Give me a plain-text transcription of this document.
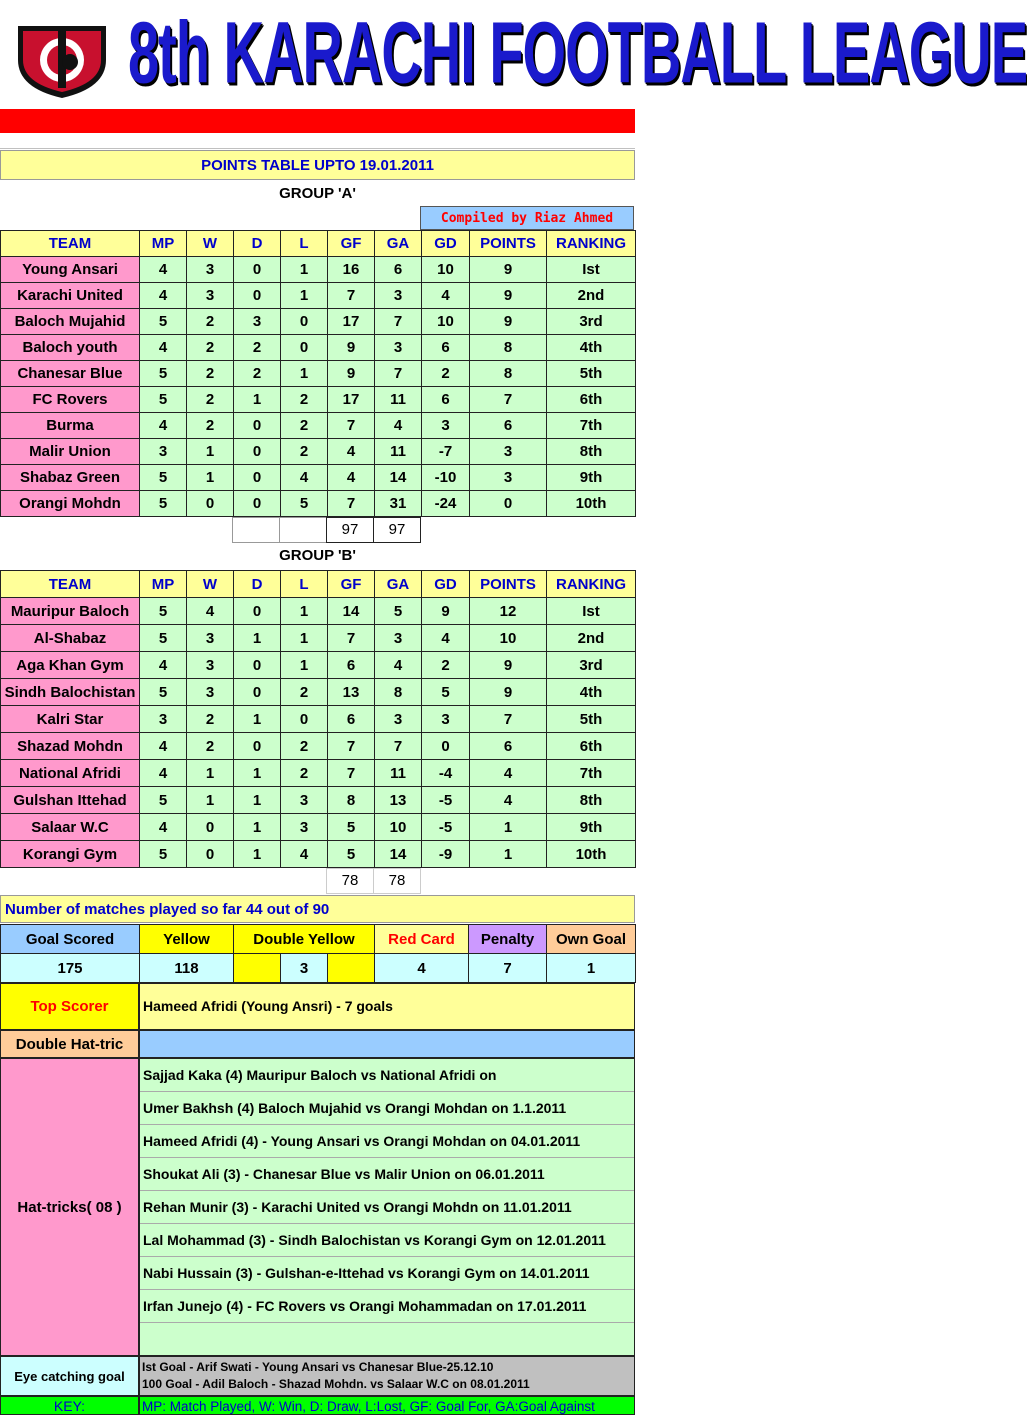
8th KARACHI FOOTBALL LEAGUE
POINTS TABLE UPTO 19.01.2011
GROUP 'A'
Compiled by Riaz Ahmed
TEAM	MP	W	D	L	GF	GA	GD	POINTS	RANKING
Young Ansari	4	3	0	1	16	6	10	9	Ist
Karachi United	4	3	0	1	7	3	4	9	2nd
Baloch Mujahid	5	2	3	0	17	7	10	9	3rd
Baloch youth	4	2	2	0	9	3	6	8	4th
Chanesar Blue	5	2	2	1	9	7	2	8	5th
FC Rovers	5	2	1	2	17	11	6	7	6th
Burma	4	2	0	2	7	4	3	6	7th
Malir Union	3	1	0	2	4	11	-7	3	8th
Shabaz Green	5	1	0	4	4	14	-10	3	9th
Orangi Mohdn	5	0	0	5	7	31	-24	0	10th
97	97
GROUP 'B'
TEAM	MP	W	D	L	GF	GA	GD	POINTS	RANKING
Mauripur Baloch	5	4	0	1	14	5	9	12	Ist
Al-Shabaz	5	3	1	1	7	3	4	10	2nd
Aga Khan Gym	4	3	0	1	6	4	2	9	3rd
Sindh Balochistan	5	3	0	2	13	8	5	9	4th
Kalri Star	3	2	1	0	6	3	3	7	5th
Shazad Mohdn	4	2	0	2	7	7	0	6	6th
National Afridi	4	1	1	2	7	11	-4	4	7th
Gulshan Ittehad	5	1	1	3	8	13	-5	4	8th
Salaar W.C	4	0	1	3	5	10	-5	1	9th
Korangi Gym	5	0	1	4	5	14	-9	1	10th
78	78
Number of matches played so far 44 out of 90
Goal Scored	Yellow	Double Yellow			Red Card	Penalty	Own Goal
175	118		3		4	7	1
Top Scorer	Hameed Afridi (Young Ansri) - 7 goals
Double Hat-tric
Hat-tricks( 08 )
Sajjad Kaka (4) Mauripur Baloch vs National Afridi on
Umer Bakhsh (4) Baloch Mujahid vs Orangi Mohdan on 1.1.2011
Hameed Afridi (4) - Young Ansari vs Orangi Mohdan on 04.01.2011
Shoukat Ali (3) - Chanesar Blue vs Malir Union on 06.01.2011
Rehan Munir (3) - Karachi United vs Orangi Mohdn on 11.01.2011
Lal Mohammad (3) - Sindh Balochistan vs Korangi Gym on 12.01.2011
Nabi Hussain (3) - Gulshan-e-Ittehad vs Korangi Gym on 14.01.2011
Irfan Junejo (4) - FC Rovers vs Orangi Mohammadan on 17.01.2011
Eye catching goal
Ist Goal - Arif Swati - Young Ansari vs Chanesar Blue-25.12.10
100 Goal - Adil Baloch - Shazad Mohdn. vs Salaar W.C on 08.01.2011
KEY:	MP: Match Played, W: Win, D: Draw, L:Lost, GF: Goal For, GA:Goal Against
